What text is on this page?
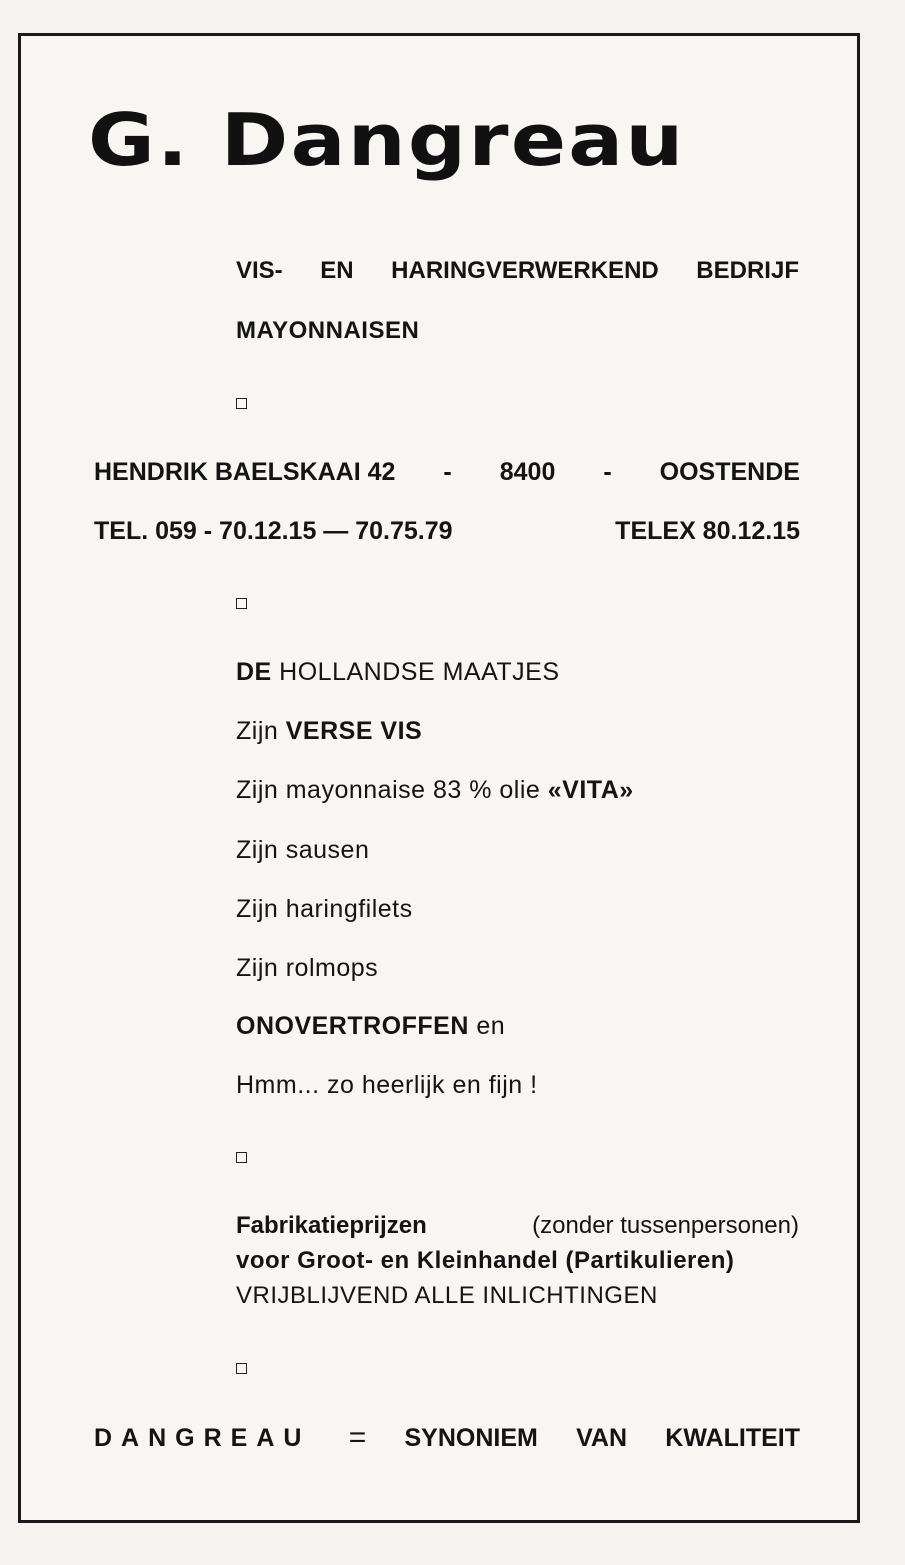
G. Dangreau
VIS- EN HARINGVERWERKEND BEDRIJF
MAYONNAISEN
HENDRIK BAELSKAAI 42 - 8400 - OOSTENDE
TEL. 059 - 70.12.15 — 70.75.79	TELEX 80.12.15
DE HOLLANDSE MAATJES
Zijn VERSE VIS
Zijn mayonnaise 83 % olie «VITA»
Zijn sausen
Zijn haringfilets
Zijn rolmops
ONOVERTROFFEN en
Hmm... zo heerlijk en fijn !
Fabrikatieprijzen	(zonder tussenpersonen)
voor Groot- en Kleinhandel (Partikulieren)
VRIJBLIJVEND ALLE INLICHTINGEN
DANGREAU = SYNONIEM VAN KWALITEIT
